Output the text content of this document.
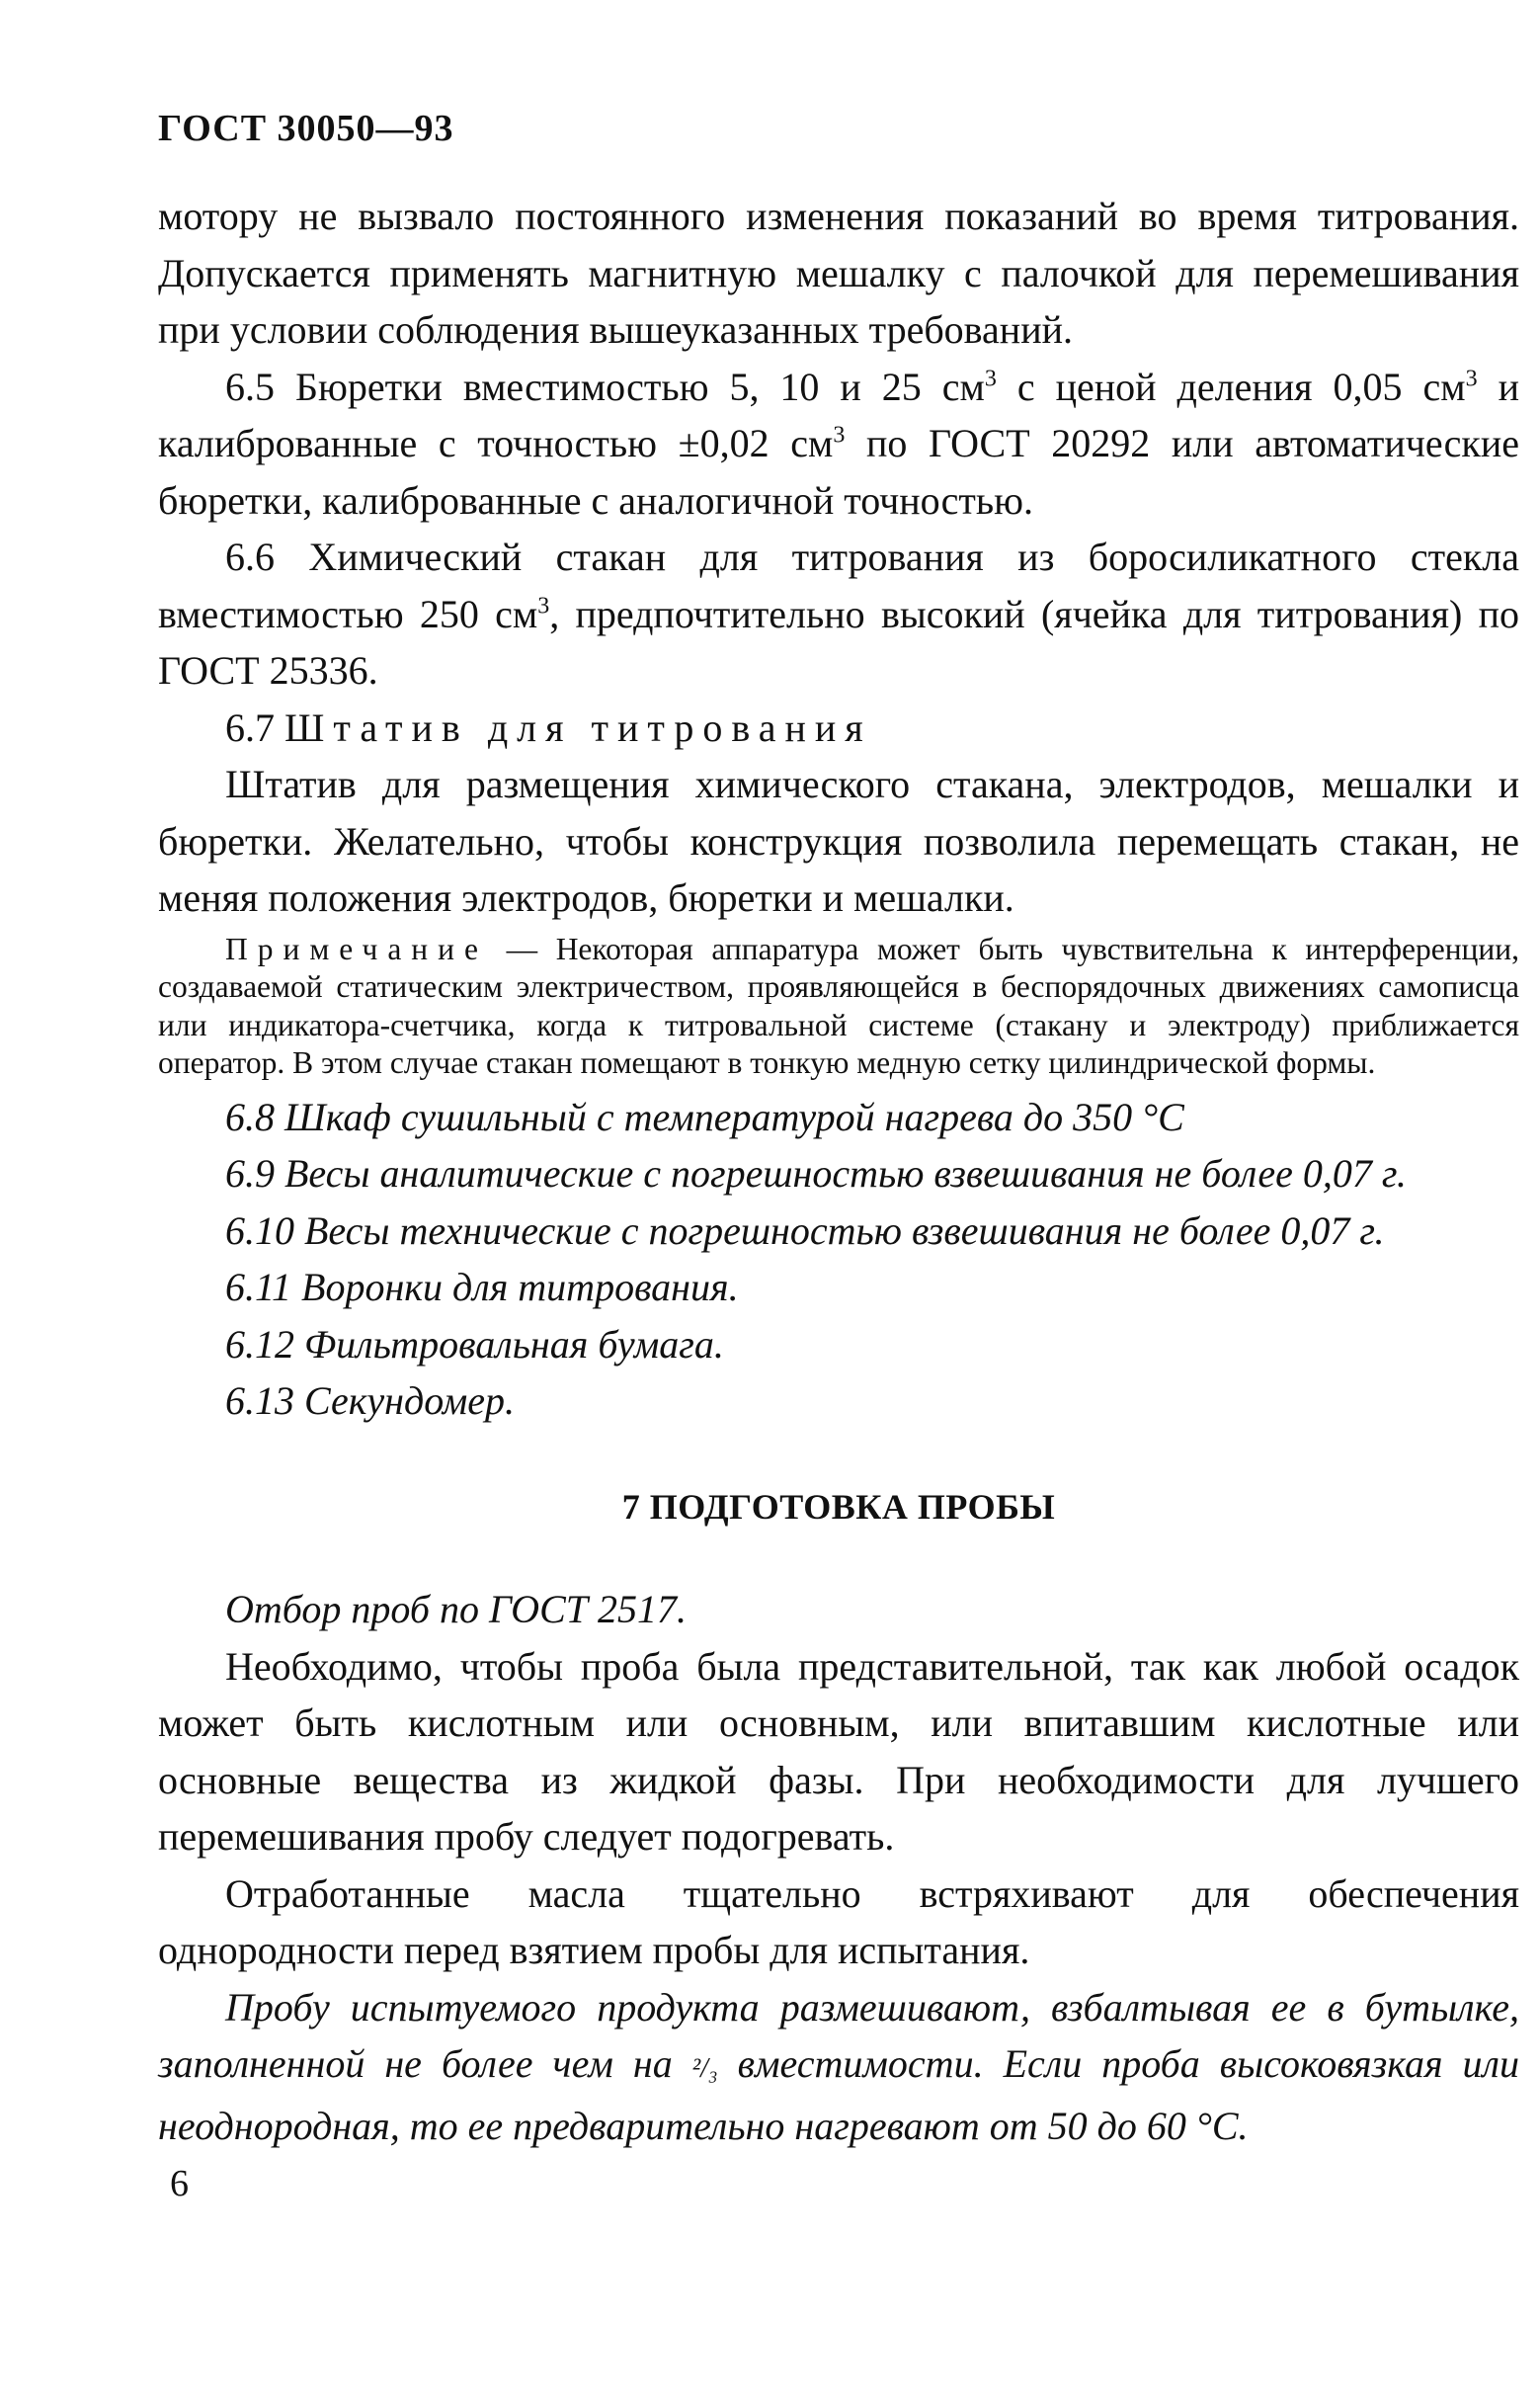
ГОСТ 30050—93

мотору не вызвало постоянного изменения показаний во время титрования. Допускается применять магнитную мешалку с палочкой для перемешивания при условии соблюдения вышеуказанных требований.

6.5 Бюретки вместимостью 5, 10 и 25 $см^3$ с ценой деления 0,05 $см^3$ и калиброванные с точностью ±0,02 $см^3$ по ГОСТ 20292 или автоматические бюретки, калиброванные с аналогичной точностью.

6.6 Химический стакан для титрования из боросиликатного стекла вместимостью 250 $см^3$, предпочтительно высокий (ячейка для титрования) по ГОСТ 25336.

6.7 Штатив для титрования

Штатив для размещения химического стакана, электродов, мешалки и бюретки. Желательно, чтобы конструкция позволила перемещать стакан, не меняя положения электродов, бюретки и мешалки.

Примечание — Некоторая аппаратура может быть чувствительна к интерференции, создаваемой статическим электричеством, проявляющейся в беспорядочных движениях самописца или индикатора-счетчика, когда к титровальной системе (стакану и электроду) приближается оператор. В этом случае стакан помещают в тонкую медную сетку цилиндрической формы.

6.8 Шкаф сушильный с температурой нагрева до 350 °С

6.9 Весы аналитические с погрешностью взвешивания не более 0,07 г.

6.10 Весы технические с погрешностью взвешивания не более 0,07 г.

6.11 Воронки для титрования.

6.12 Фильтровальная бумага.

6.13 Секундомер.

7 ПОДГОТОВКА ПРОБЫ

Отбор проб по ГОСТ 2517.

Необходимо, чтобы проба была представительной, так как любой осадок может быть кислотным или основным, или впитавшим кислотные или основные вещества из жидкой фазы. При необходимости для лучшего перемешивания пробу следует подогревать.

Отработанные масла тщательно встряхивают для обеспечения однородности перед взятием пробы для испытания.

Пробу испытуемого продукта размешивают, взбалтывая ее в бутылке, заполненной не более чем на ²/₃ вместимости. Если проба высоковязкая или неоднородная, то ее предварительно нагревают от 50 до 60 °С.

6
